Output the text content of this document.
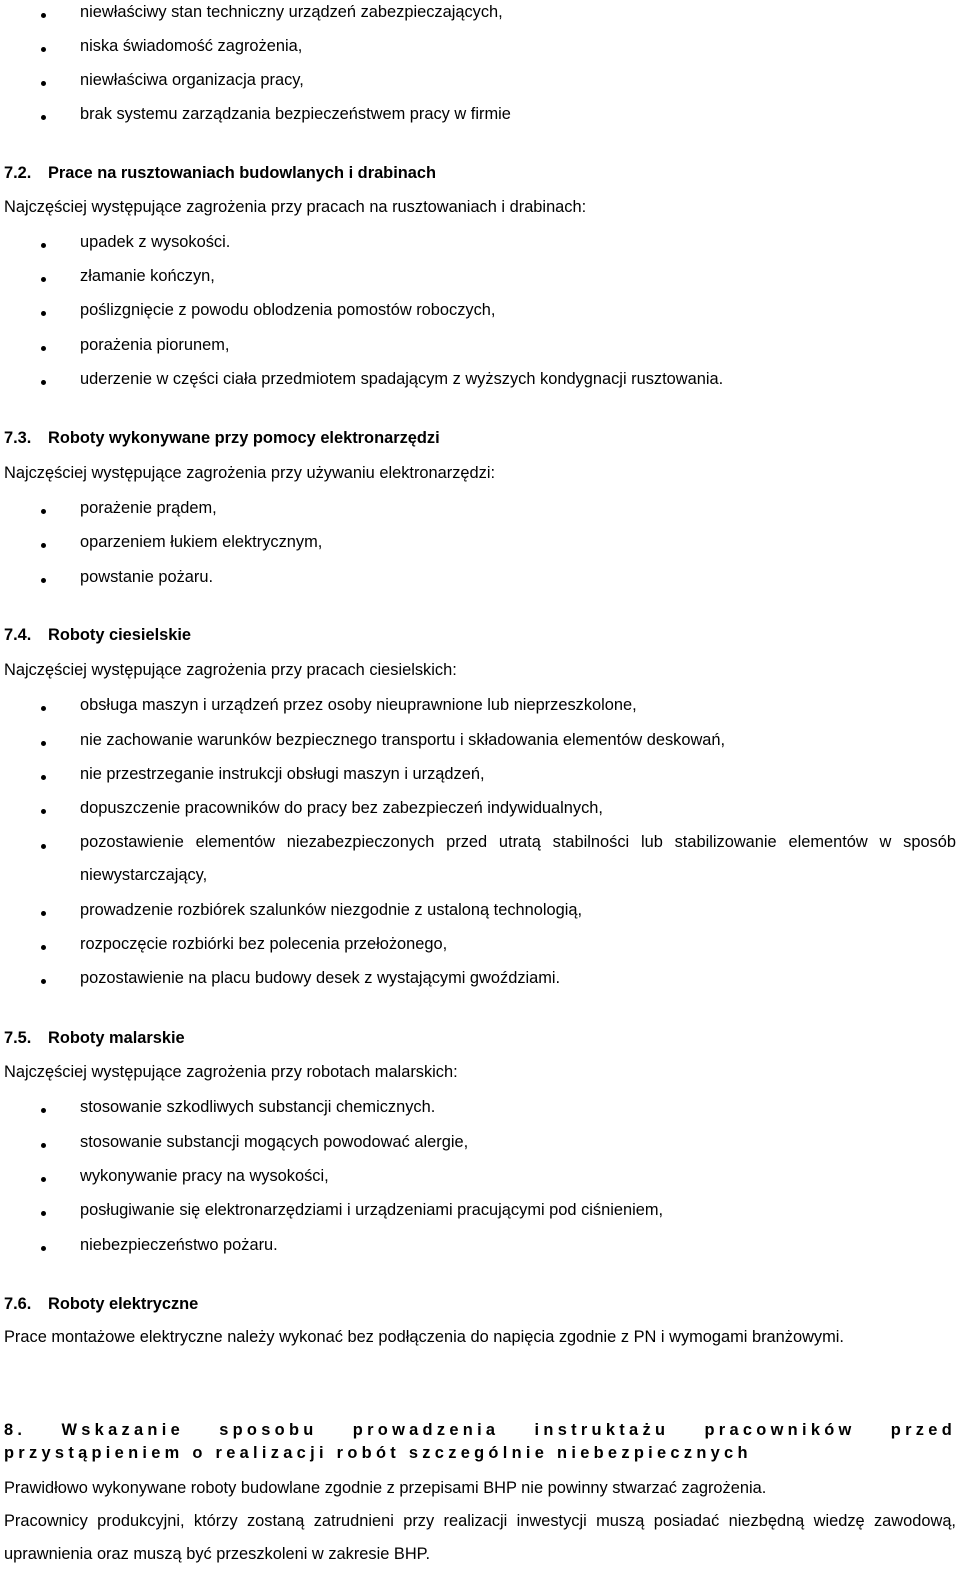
niewłaściwy stan techniczny urządzeń zabezpieczających,
niska świadomość zagrożenia,
niewłaściwa organizacja pracy,
brak systemu zarządzania bezpieczeństwem pracy w firmie
7.2. Prace na rusztowaniach budowlanych i drabinach
Najczęściej występujące zagrożenia przy pracach na rusztowaniach i drabinach:
upadek z wysokości.
złamanie kończyn,
poślizgnięcie z powodu oblodzenia pomostów roboczych,
porażenia piorunem,
uderzenie w części ciała przedmiotem spadającym z wyższych kondygnacji rusztowania.
7.3. Roboty wykonywane przy pomocy elektronarzędzi
Najczęściej występujące zagrożenia przy używaniu elektronarzędzi:
porażenie prądem,
oparzeniem łukiem elektrycznym,
powstanie pożaru.
7.4. Roboty ciesielskie
Najczęściej występujące zagrożenia przy pracach ciesielskich:
obsługa maszyn i urządzeń przez osoby nieuprawnione lub nieprzeszkolone,
nie zachowanie warunków bezpiecznego transportu i składowania elementów deskowań,
nie przestrzeganie instrukcji obsługi maszyn i urządzeń,
dopuszczenie pracowników do pracy bez zabezpieczeń indywidualnych,
pozostawienie elementów niezabezpieczonych przed utratą stabilności lub stabilizowanie elementów w sposób niewystarczający,
prowadzenie rozbiórek szalunków niezgodnie z ustaloną technologią,
rozpoczęcie rozbiórki bez polecenia przełożonego,
pozostawienie na placu budowy desek z wystającymi gwoździami.
7.5. Roboty malarskie
Najczęściej występujące zagrożenia przy robotach malarskich:
stosowanie szkodliwych substancji chemicznych.
stosowanie substancji mogących powodować alergie,
wykonywanie pracy na wysokości,
posługiwanie się elektronarzędziami i urządzeniami pracującymi pod ciśnieniem,
niebezpieczeństwo pożaru.
7.6. Roboty elektryczne
Prace montażowe elektryczne należy wykonać bez podłączenia do napięcia zgodnie z PN i wymogami branżowymi.
8. Wskazanie sposobu prowadzenia instruktażu pracowników przed przystąpieniem o realizacji robót szczególnie niebezpiecznych
Prawidłowo wykonywane roboty budowlane zgodnie z przepisami BHP nie powinny stwarzać zagrożenia.
Pracownicy produkcyjni, którzy zostaną zatrudnieni przy realizacji inwestycji muszą posiadać niezbędną wiedzę zawodową, uprawnienia oraz muszą być przeszkoleni w zakresie BHP.
